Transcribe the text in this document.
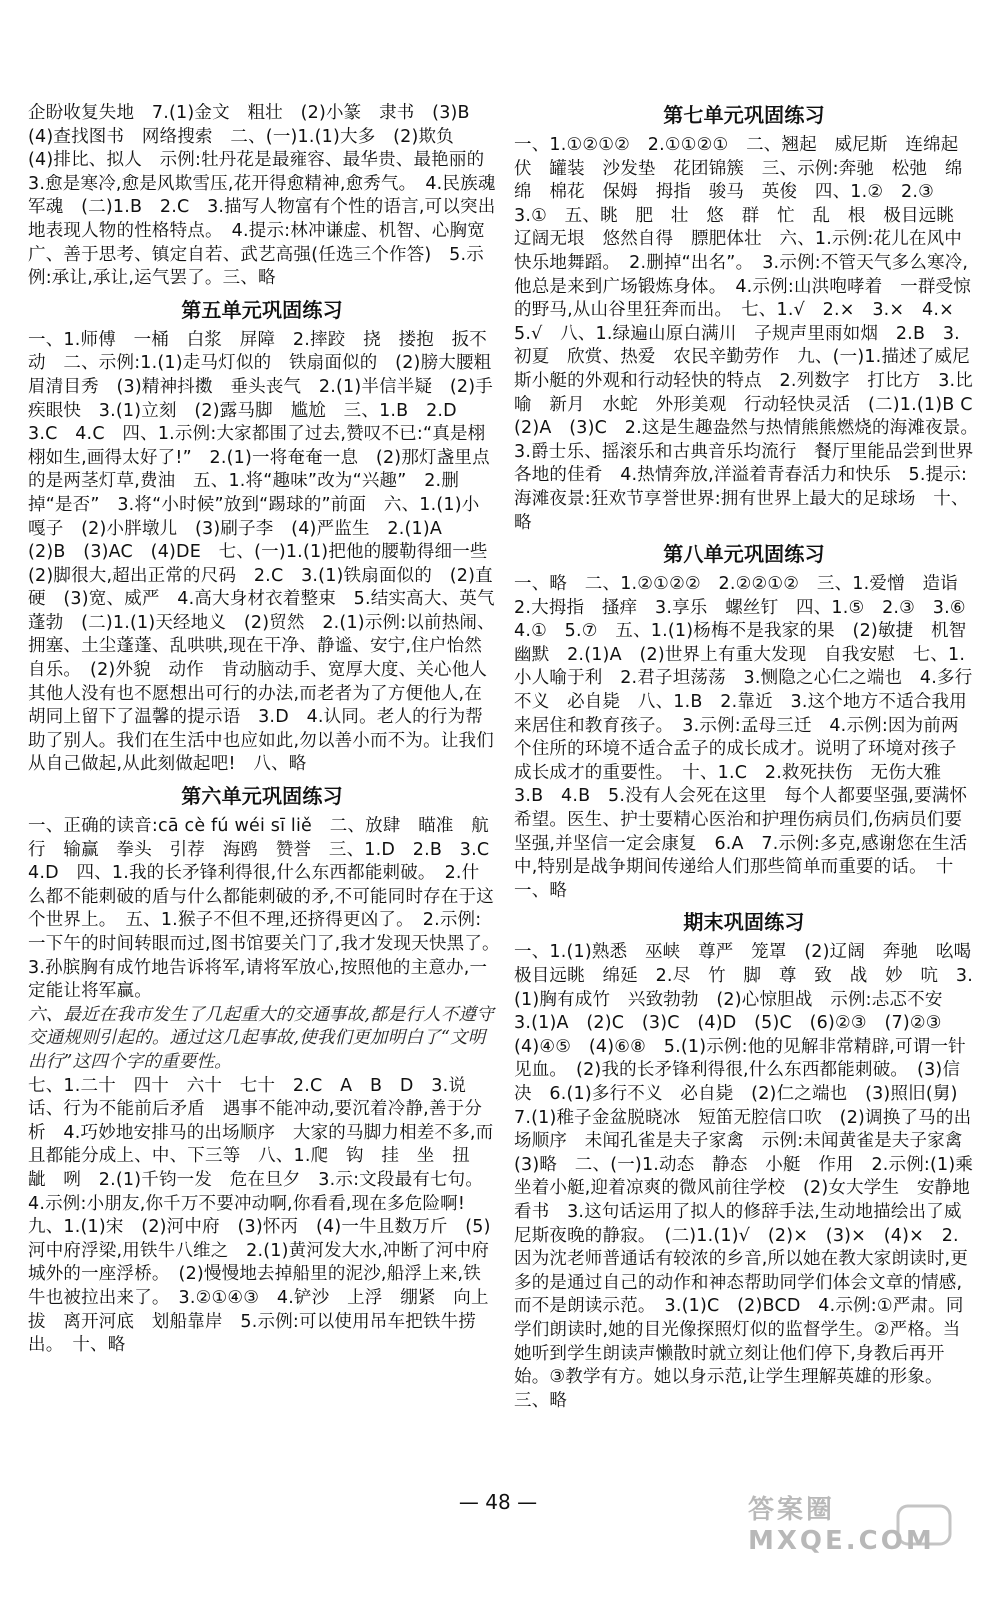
企盼收复失地　7.(1)金文　粗壮　(2)小篆　隶书　(3)B　(4)查找图书　网络搜索　二、(一)1.(1)大多　(2)欺负　(4)排比、拟人　示例:牡丹花是最雍容、最华贵、最艳丽的　3.愈是寒冷,愈是风欺雪压,花开得愈精神,愈秀气。　4.民族魂　军魂　(二)1.B　2.C　3.描写人物富有个性的语言,可以突出地表现人物的性格特点。　4.提示:林冲谦虚、机智、心胸宽广、善于思考、镇定自若、武艺高强(任选三个作答)　5.示例:承让,承让,运气罢了。三、略

第五单元巩固练习

一、1.师傅　一桶　白浆　屏障　2.摔跤　挠　搂抱　扳不动　二、示例:1.(1)走马灯似的　铁扇面似的　(2)膀大腰粗　眉清目秀　(3)精神抖擞　垂头丧气　2.(1)半信半疑　(2)手疾眼快　3.(1)立刻　(2)露马脚　尴尬　三、1.B　2.D　3.C　4.C　四、1.示例:大家都围了过去,赞叹不已:“真是栩栩如生,画得太好了!”　2.(1)一将奄奄一息　(2)那灯盏里点的是两茎灯草,费油　五、1.将“趣味”改为“兴趣”　2.删掉“是否”　3.将“小时候”放到“踢球的”前面　六、1.(1)小嘎子　(2)小胖墩儿　(3)刷子李　(4)严监生　2.(1)A　(2)B　(3)AC　(4)DE　七、(一)1.(1)把他的腰勒得细一些　(2)脚很大,超出正常的尺码　2.C　3.(1)铁扇面似的　(2)直硬　(3)宽、威严　4.高大身材衣着整束　5.结实高大、英气蓬勃　(二)1.(1)天经地义　(2)贸然　2.(1)示例:以前热闹、拥塞、土尘蓬蓬、乱哄哄,现在干净、静谧、安宁,住户怡然自乐。　(2)外貌　动作　肯动脑动手、宽厚大度、关心他人　其他人没有也不愿想出可行的办法,而老者为了方便他人,在胡同上留下了温馨的提示语　3.D　4.认同。老人的行为帮助了别人。我们在生活中也应如此,勿以善小而不为。让我们从自己做起,从此刻做起吧!　八、略

第六单元巩固练习

一、正确的读音:cā cè fú wéi sī liě　二、放肆　瞄准　航行　输赢　拳头　引荐　海鸥　赞誉　三、1.D　2.B　3.C　4.D　四、1.我的长矛锋利得很,什么东西都能刺破。　2.什么都不能刺破的盾与什么都能刺破的矛,不可能同时存在于这个世界上。　五、1.猴子不但不理,还挤得更凶了。　2.示例:一下午的时间转眼而过,图书馆要关门了,我才发现天快黑了。　3.孙膑胸有成竹地告诉将军,请将军放心,按照他的主意办,一定能让将军赢。

六、最近在我市发生了几起重大的交通事故,都是行人不遵守交通规则引起的。通过这几起事故,使我们更加明白了“文明出行”这四个字的重要性。

七、1.二十　四十　六十　七十　2.C　A　B　D　3.说话、行为不能前后矛盾　遇事不能冲动,要沉着冷静,善于分析　4.巧妙地安排马的出场顺序　大家的马脚力相差不多,而且都能分成上、中、下三等　八、1.爬　钩　挂　坐　扭　龇　咧　2.(1)千钧一发　危在旦夕　3.示:文段最有七句。　4.示例:小朋友,你千万不要冲动啊,你看看,现在多危险啊!　九、1.(1)宋　(2)河中府　(3)怀丙　(4)一牛且数万斤　(5)河中府浮梁,用铁牛八维之　2.(1)黄河发大水,冲断了河中府城外的一座浮桥。　(2)慢慢地去掉船里的泥沙,船浮上来,铁牛也被拉出来了。　3.②①④③　4.铲沙　上浮　绷紧　向上拔　离开河底　划船靠岸　5.示例:可以使用吊车把铁牛捞出。　十、略

第七单元巩固练习

一、1.①②①②　2.①①②①　二、翘起　威尼斯　连绵起伏　罐装　沙发垫　花团锦簇　三、示例:奔驰　松弛　绵绵　棉花　保姆　拇指　骏马　英俊　四、1.②　2.③　3.①　五、眺　肥　壮　悠　群　忙　乱　根　极目远眺　辽阔无垠　悠然自得　膘肥体壮　六、1.示例:花儿在风中快乐地舞蹈。　2.删掉“出名”。　3.示例:不管天气多么寒冷,他总是来到广场锻炼身体。　4.示例:山洪咆哮着　一群受惊的野马,从山谷里狂奔而出。　七、1.√　2.×　3.×　4.×　5.√　八、1.绿遍山原白满川　子规声里雨如烟　2.B　3.初夏　欣赏、热爱　农民辛勤劳作　九、(一)1.描述了威尼斯小艇的外观和行动轻快的特点　2.列数字　打比方　3.比喻　新月　水蛇　外形美观　行动轻快灵活　(二)1.(1)B C　(2)A　(3)C　2.这是生趣盎然与热情熊熊燃烧的海滩夜景。　3.爵士乐、摇滚乐和古典音乐均流行　餐厅里能品尝到世界各地的佳肴　4.热情奔放,洋溢着青春活力和快乐　5.提示:海滩夜景:狂欢节享誉世界:拥有世界上最大的足球场　十、略

第八单元巩固练习

一、略　二、1.②①②②　2.②②①②　三、1.爱憎　造诣　2.大拇指　搔痒　3.享乐　螺丝钉　四、1.⑤　2.③　3.⑥　4.①　5.⑦　五、1.(1)杨梅不是我家的果　(2)敏捷　机智幽默　2.(1)A　(2)世界上有重大发现　自我安慰　七、1.小人喻于利　2.君子坦荡荡　3.恻隐之心仁之端也　4.多行不义　必自毙　八、1.B　2.靠近　3.这个地方不适合我用来居住和教育孩子。　3.示例:孟母三迁　4.示例:因为前两个住所的环境不适合孟子的成长成才。说明了环境对孩子成长成才的重要性。　十、1.C　2.救死扶伤　无伤大雅　3.B　4.B　5.没有人会死在这里　每个人都要坚强,要满怀希望。医生、护士要精心医治和护理伤病员们,伤病员们要坚强,并坚信一定会康复　6.A　7.示例:多克,感谢您在生活中,特别是战争期间传递给人们那些简单而重要的话。　十一、略

期末巩固练习

一、1.(1)熟悉　巫峡　尊严　笼罩　(2)辽阔　奔驰　吆喝　极目远眺　绵延　2.尽　竹　脚　尊　致　战　妙　吭　3.(1)胸有成竹　兴致勃勃　(2)心惊胆战　示例:忐忑不安　3.(1)A　(2)C　(3)C　(4)D　(5)C　(6)②③　(7)②③　(4)④⑤　(4)⑥⑧　5.(1)示例:他的见解非常精辟,可谓一针见血。　(2)我的长矛锋利得很,什么东西都能刺破。　(3)信　决　6.(1)多行不义　必自毙　(2)仁之端也　(3)照旧(舅)　7.(1)稚子金盆脱晓冰　短笛无腔信口吹　(2)调换了马的出场顺序　未闻孔雀是夫子家禽　示例:未闻黄雀是夫子家禽　(3)略　二、(一)1.动态　静态　小艇　作用　2.示例:(1)乘坐着小艇,迎着凉爽的微风前往学校　(2)女大学生　安静地看书　3.这句话运用了拟人的修辞手法,生动地描绘出了威尼斯夜晚的静寂。　(二)1.(1)√　(2)×　(3)×　(4)×　2.因为沈老师普通话有较浓的乡音,所以她在教大家朗读时,更多的是通过自己的动作和神态帮助同学们体会文章的情感,而不是朗读示范。　3.(1)C　(2)BCD　4.示例:①严肃。同学们朗读时,她的目光像探照灯似的监督学生。②严格。当她听到学生朗读声懒散时就立刻让他们停下,身教后再开始。③教学有方。她以身示范,让学生理解英雄的形象。　三、略

— 48 —	答案圈 MXQE.COM
